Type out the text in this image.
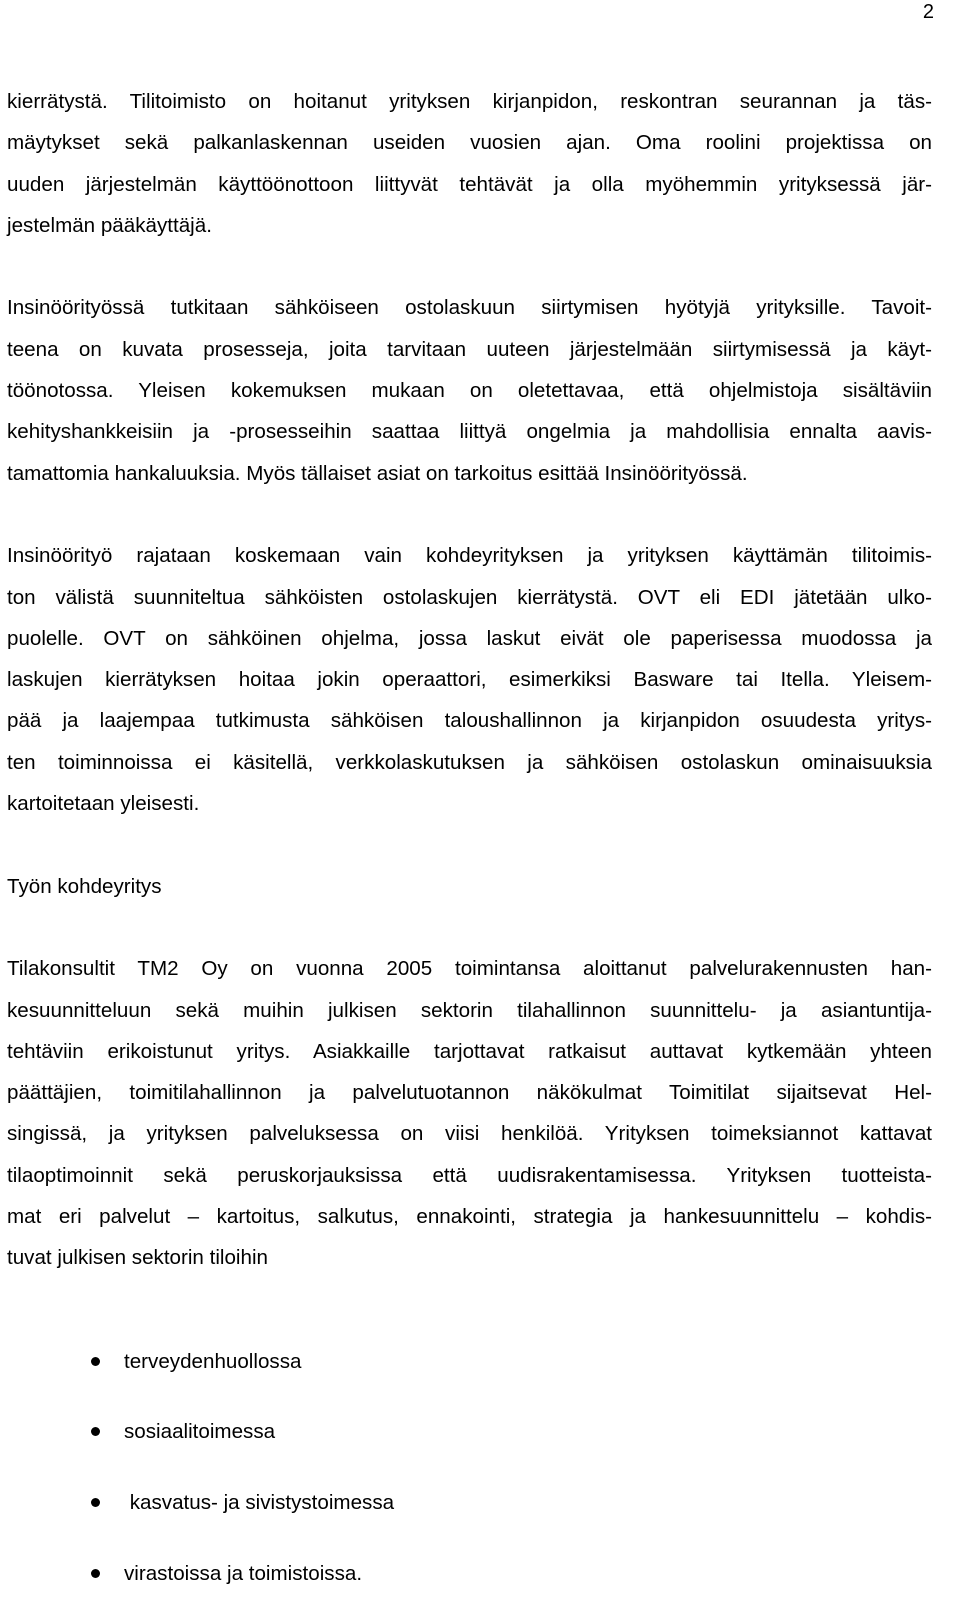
2
kierrätystä. Tilitoimisto on hoitanut yrityksen kirjanpidon, reskontran seurannan ja täs-
mäytykset sekä palkanlaskennan useiden vuosien ajan. Oma roolini projektissa on
uuden järjestelmän käyttöönottoon liittyvät tehtävät ja olla myöhemmin yrityksessä jär-
jestelmän pääkäyttäjä.
Insinöörityössä tutkitaan sähköiseen ostolaskuun siirtymisen hyötyjä yrityksille. Tavoit-
teena on kuvata prosesseja, joita tarvitaan uuteen järjestelmään siirtymisessä ja käyt-
töönotossa. Yleisen kokemuksen mukaan on oletettavaa, että ohjelmistoja sisältäviin
kehityshankkeisiin ja -prosesseihin saattaa liittyä ongelmia ja mahdollisia ennalta aavis-
tamattomia hankaluuksia. Myös tällaiset asiat on tarkoitus esittää Insinöörityössä.
Insinöörityö rajataan koskemaan vain kohdeyrityksen ja yrityksen käyttämän tilitoimis-
ton välistä suunniteltua sähköisten ostolaskujen kierrätystä. OVT eli EDI jätetään ulko-
puolelle. OVT on sähköinen ohjelma, jossa laskut eivät ole paperisessa muodossa ja
laskujen kierrätyksen hoitaa jokin operaattori, esimerkiksi Basware tai Itella. Yleisem-
pää ja laajempaa tutkimusta sähköisen taloushallinnon ja kirjanpidon osuudesta yritys-
ten toiminnoissa ei käsitellä, verkkolaskutuksen ja sähköisen ostolaskun ominaisuuksia
kartoitetaan yleisesti.
Työn kohdeyritys
Tilakonsultit TM2 Oy on vuonna 2005 toimintansa aloittanut palvelurakennusten han-
kesuunnitteluun sekä muihin julkisen sektorin tilahallinnon suunnittelu- ja asiantuntija-
tehtäviin erikoistunut yritys. Asiakkaille tarjottavat ratkaisut auttavat kytkemään yhteen
päättäjien, toimitilahallinnon ja palvelutuotannon näkökulmat Toimitilat sijaitsevat Hel-
singissä, ja yrityksen palveluksessa on viisi henkilöä. Yrityksen toimeksiannot kattavat
tilaoptimoinnit sekä peruskorjauksissa että uudisrakentamisessa. Yrityksen tuotteista-
mat eri palvelut – kartoitus, salkutus, ennakointi, strategia ja hankesuunnittelu – kohdis-
tuvat julkisen sektorin tiloihin
terveydenhuollossa
sosiaalitoimessa
kasvatus- ja sivistystoimessa
virastoissa ja toimistoissa.
